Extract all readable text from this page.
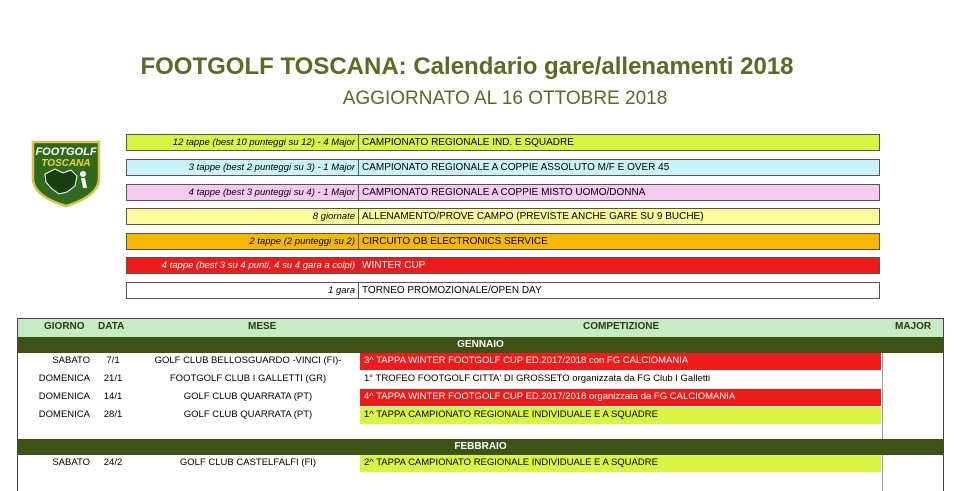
FOOTGOLF TOSCANA: Calendario gare/allenamenti 2018
AGGIORNATO AL 16 OTTOBRE 2018
FOOTGOLF
TOSCANA
12 tappe (best 10 punteggi su 12) - 4 Major CAMPIONATO REGIONALE IND. E SQUADRE
3 tappe (best 2 punteggi su 3) - 1 Major CAMPIONATO REGIONALE A COPPIE ASSOLUTO M/F E OVER 45
4 tappe (best 3 punteggi su 4) - 1 Major CAMPIONATO REGIONALE A COPPIE MISTO UOMO/DONNA
8 giornate ALLENAMENTO/PROVE CAMPO (PREVISTE ANCHE GARE SU 9 BUCHE)
2 tappe (2 punteggi su 2) CIRCUITO OB ELECTRONICS SERVICE
4 tappe (best 3 su 4 punti, 4 su 4 gara a colpi) WINTER CUP
1 gara TORNEO PROMOZIONALE/OPEN DAY
GIORNO DATA	MESE	COMPETIZIONE	MAJOR
GENNAIO
SABATO	7/1	GOLF CLUB BELLOSGUARDO -VINCI (FI)-	3^ TAPPA WINTER FOOTGOLF CUP ED.2017/2018 con FG CALCIOMANIA
DOMENICA	21/1	FOOTGOLF CLUB I GALLETTI (GR)	1° TROFEO FOOTGOLF CITTA' DI GROSSETO organizzata da FG Club I Galletti
DOMENICA	14/1	GOLF CLUB QUARRATA (PT)	4^ TAPPA WINTER FOOTGOLF CUP ED.2017/2018 organizzata da FG CALCIOMANIA
DOMENICA	28/1	GOLF CLUB QUARRATA (PT)	1^ TAPPA CAMPIONATO REGIONALE INDIVIDUALE E A SQUADRE
FEBBRAIO
SABATO	24/2	GOLF CLUB CASTELFALFI (FI)	2^ TAPPA CAMPIONATO REGIONALE INDIVIDUALE E A SQUADRE
